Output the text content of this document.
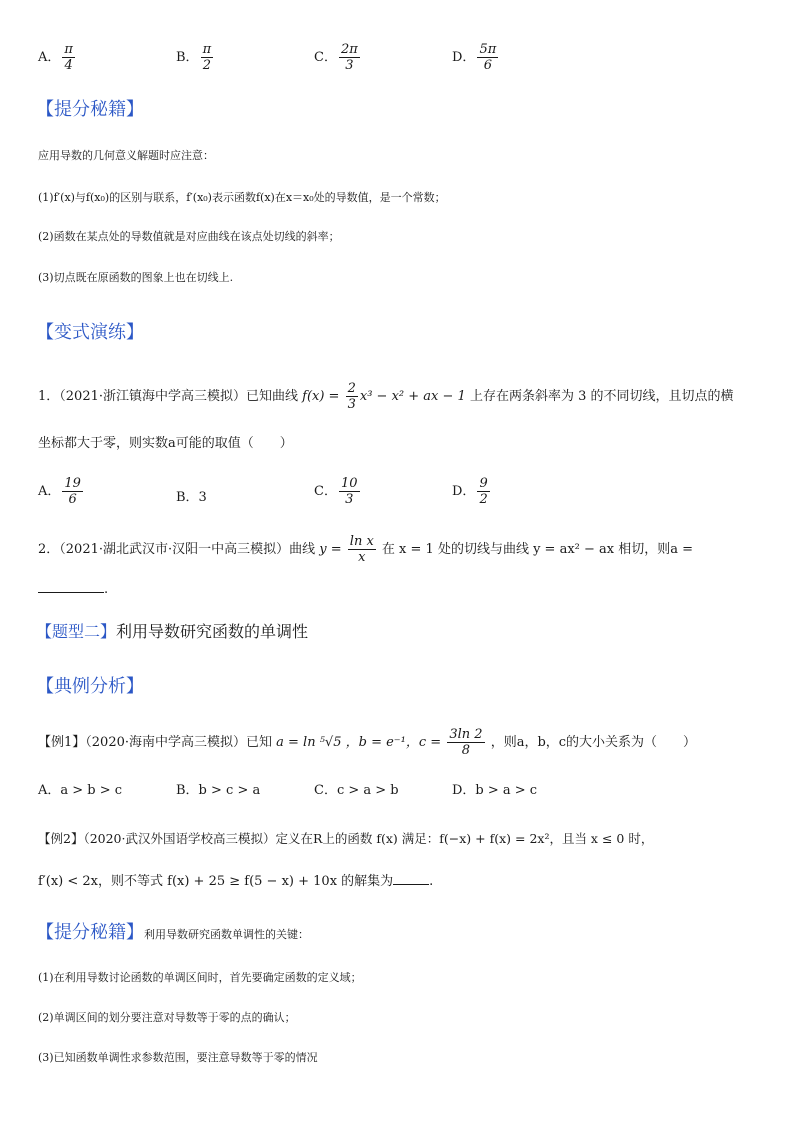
A． $\frac{\pi}{4}$	B． $\frac{\pi}{2}$	C． $\frac{2\pi}{3}$	D． $\frac{5\pi}{6}$
【提分秘籍】
应用导数的几何意义解题时应注意：
(1)f′(x)与f(x₀)的区别与联系，f′(x₀)表示函数f(x)在x＝x₀处的导数值，是一个常数；
(2)函数在某点处的导数值就是对应曲线在该点处切线的斜率；
(3)切点既在原函数的图象上也在切线上.
【变式演练】
1．（2021·浙江镇海中学高三模拟）已知曲线 $f(x) = \frac{2}{3} x^3 - x^2$ + ax − 1 上存在两条斜率为 3 的不同切线，且切点的横
坐标都大于零，则实数a可能的取值（　　）
A． $\frac{19}{6}$	B．3	C． $\frac{10}{3}$	D． $\frac{9}{2}$
2．（2021·湖北武汉市·汉阳一中高三模拟）曲线 $y = \frac{\text{ln x}}{x}$ 在 x = 1 处的切线与曲线 y = ax² − ax 相切，则a =
.
【题型二】利用导数研究函数的单调性
【典例分析】
【例1】（2020·海南中学高三模拟）已知 a = ln ⁵√5 ，b = e⁻¹，$c = \frac{3\ln 2}{8}$ ，则a，b，c的大小关系为（　　）
A．a > b > c	B．b > c > a	C．c > a > b	D．b > a > c
【例2】（2020·武汉外国语学校高三模拟）定义在R上的函数 f(x) 满足：f(−x) + f(x) = 2x²，且当 x ≤ 0 时，
f′(x) < 2x，则不等式 f(x) + 25 ≥ f(5 − x) + 10x 的解集为	.
【提分秘籍】利用导数研究函数单调性的关键：
(1)在利用导数讨论函数的单调区间时，首先要确定函数的定义域；
(2)单调区间的划分要注意对导数等于零的点的确认；
(3)已知函数单调性求参数范围，要注意导数等于零的情况
